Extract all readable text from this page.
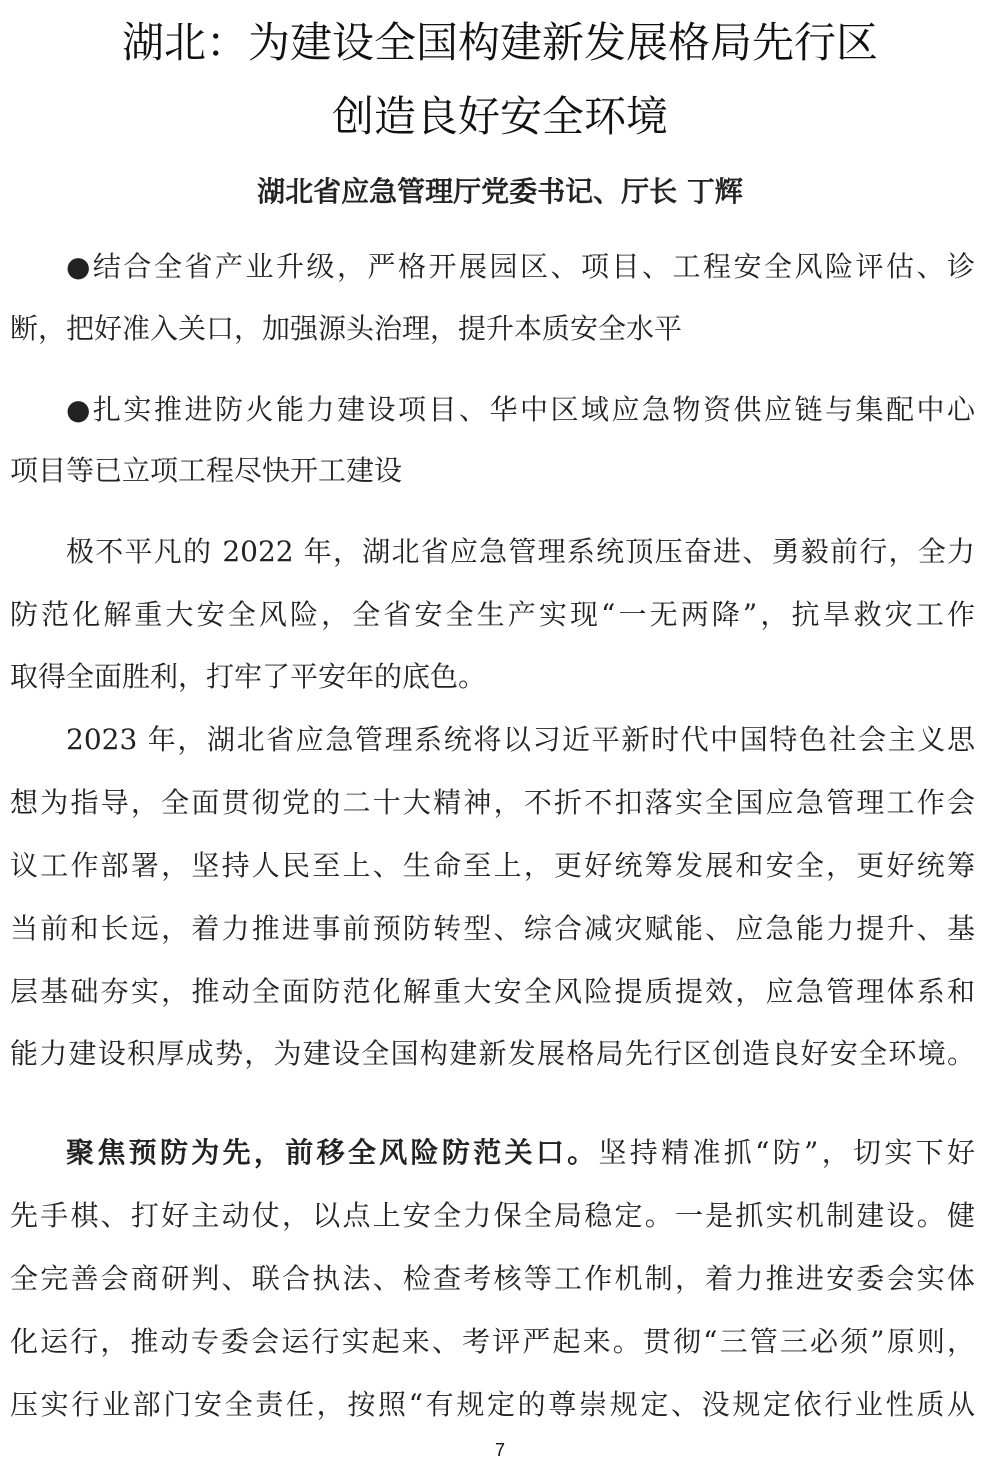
湖北：为建设全国构建新发展格局先行区
创造良好安全环境
湖北省应急管理厅党委书记、厅长 丁辉
●结合全省产业升级，严格开展园区、项目、工程安全风险评估、诊
断，把好准入关口，加强源头治理，提升本质安全水平
●扎实推进防火能力建设项目、华中区域应急物资供应链与集配中心
项目等已立项工程尽快开工建设
极不平凡的 2022 年，湖北省应急管理系统顶压奋进、勇毅前行，全力
防范化解重大安全风险，全省安全生产实现“一无两降”，抗旱救灾工作
取得全面胜利，打牢了平安年的底色。
2023 年，湖北省应急管理系统将以习近平新时代中国特色社会主义思
想为指导，全面贯彻党的二十大精神，不折不扣落实全国应急管理工作会
议工作部署，坚持人民至上、生命至上，更好统筹发展和安全，更好统筹
当前和长远，着力推进事前预防转型、综合减灾赋能、应急能力提升、基
层基础夯实，推动全面防范化解重大安全风险提质提效，应急管理体系和
能力建设积厚成势，为建设全国构建新发展格局先行区创造良好安全环境。
聚焦预防为先，前移全风险防范关口。坚持精准抓“防”，切实下好
先手棋、打好主动仗，以点上安全力保全局稳定。一是抓实机制建设。健
全完善会商研判、联合执法、检查考核等工作机制，着力推进安委会实体
化运行，推动专委会运行实起来、考评严起来。贯彻“三管三必须”原则，
压实行业部门安全责任，按照“有规定的尊崇规定、没规定依行业性质从
7
